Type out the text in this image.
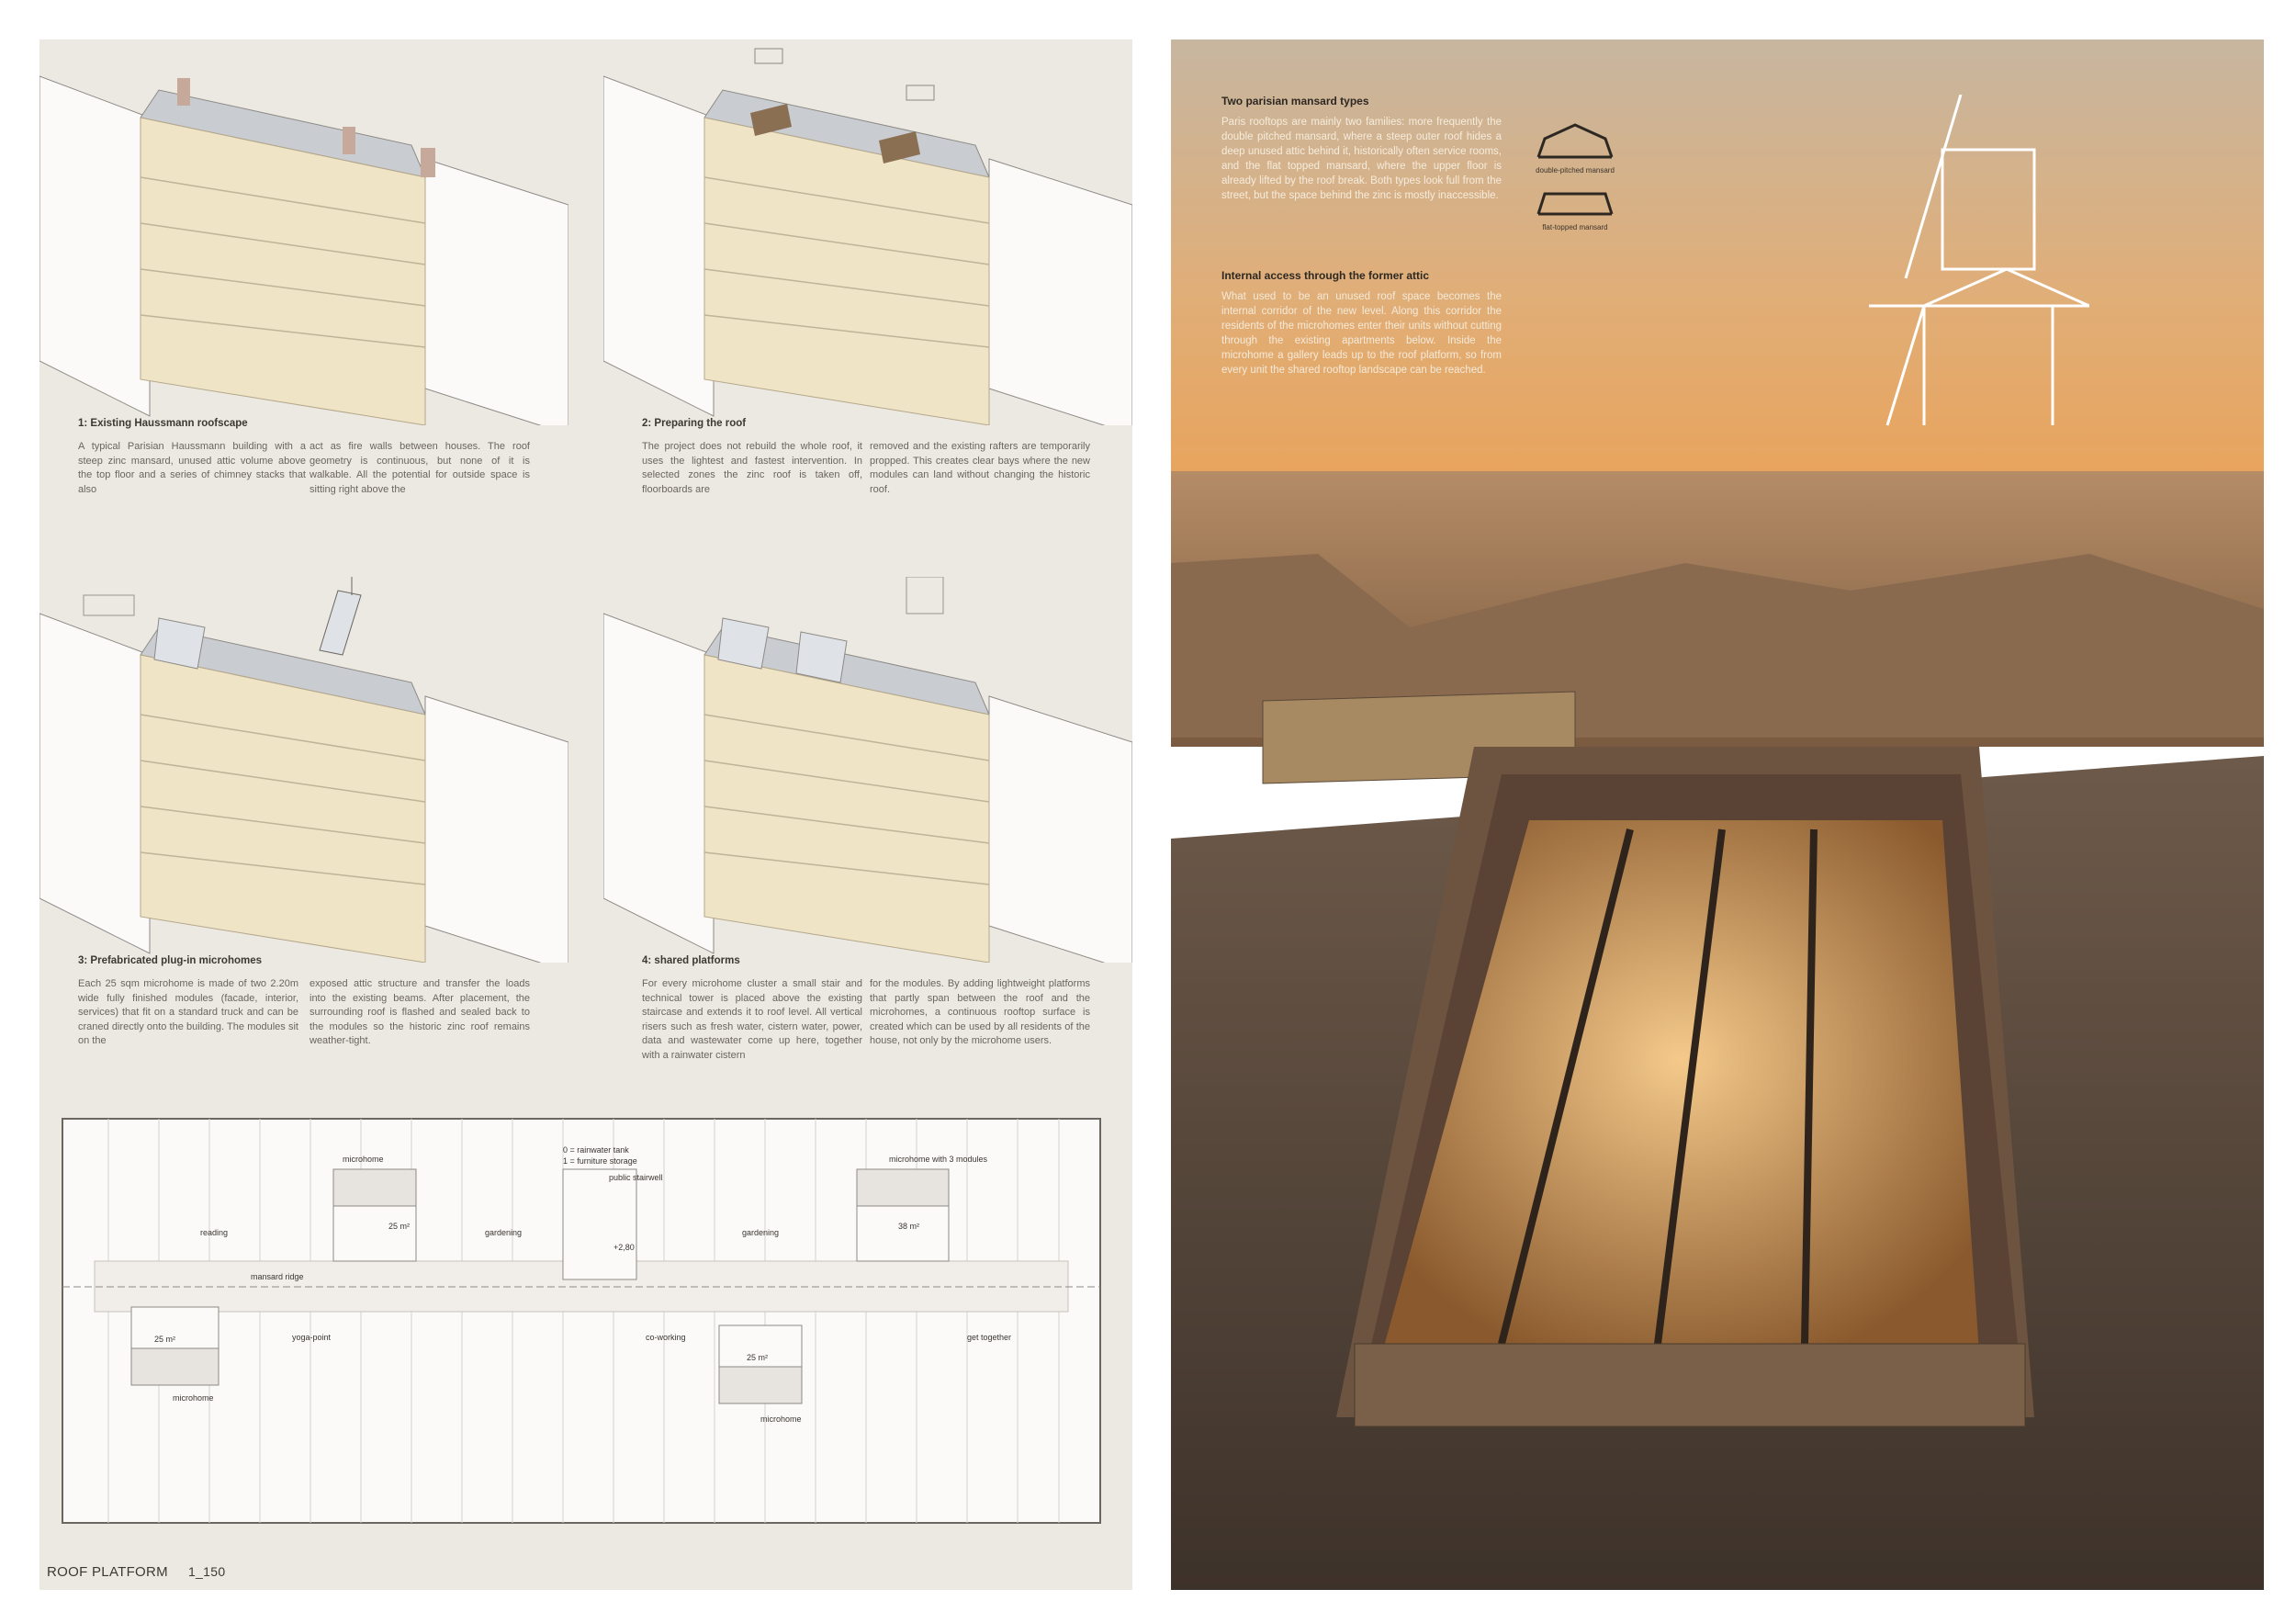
1: Existing Haussmann roofscape
A typical Parisian Haussmann building with a steep zinc mansard, unused attic volume above the top floor and a series of chimney stacks that also
act as fire walls between houses. The roof geometry is continuous, but none of it is walkable. All the potential for outside space is sitting right above the
2: Preparing the roof
The project does not rebuild the whole roof, it uses the lightest and fastest intervention. In selected zones the zinc roof is taken off, floorboards are
removed and the existing rafters are temporarily propped. This creates clear bays where the new modules can land without changing the historic roof.
3: Prefabricated plug-in microhomes
Each 25 sqm microhome is made of two 2.20m wide fully finished modules (facade, interior, services) that fit on a standard truck and can be craned directly onto the building. The modules sit on the
exposed attic structure and transfer the loads into the existing beams. After placement, the surrounding roof is flashed and sealed back to the modules so the historic zinc roof remains weather-tight.
4: shared platforms
For every microhome cluster a small stair and technical tower is placed above the existing staircase and extends it to roof level. All vertical risers such as fresh water, cistern water, power, data and wastewater come up here, together with a rainwater cistern
for the modules. By adding lightweight platforms that partly span between the roof and the microhomes, a continuous rooftop surface is created which can be used by all residents of the house, not only by the microhome users.
microhome	microhome with 3 modules
0 = rainwater tank
1 = furniture storage
public stairwell
reading	gardening	gardening
mansard ridge
yoga-point	co-working	get together
microhome
microhome
25 m²	38 m²
25 m²
25 m²
+2,80
ROOF PLATFORM 1_150
Two parisian mansard types
Paris rooftops are mainly two families: more frequently the double pitched mansard, where a steep outer roof hides a deep unused attic behind it, historically often service rooms, and the flat topped mansard, where the upper floor is already lifted by the roof break. Both types look full from the street, but the space behind the zinc is mostly inaccessible.
Internal access through the former attic
What used to be an unused roof space becomes the internal corridor of the new level. Along this corridor the residents of the microhomes enter their units without cutting through the existing apartments below. Inside the microhome a gallery leads up to the roof platform, so from every unit the shared rooftop landscape can be reached.
double-pitched mansard
flat-topped mansard
